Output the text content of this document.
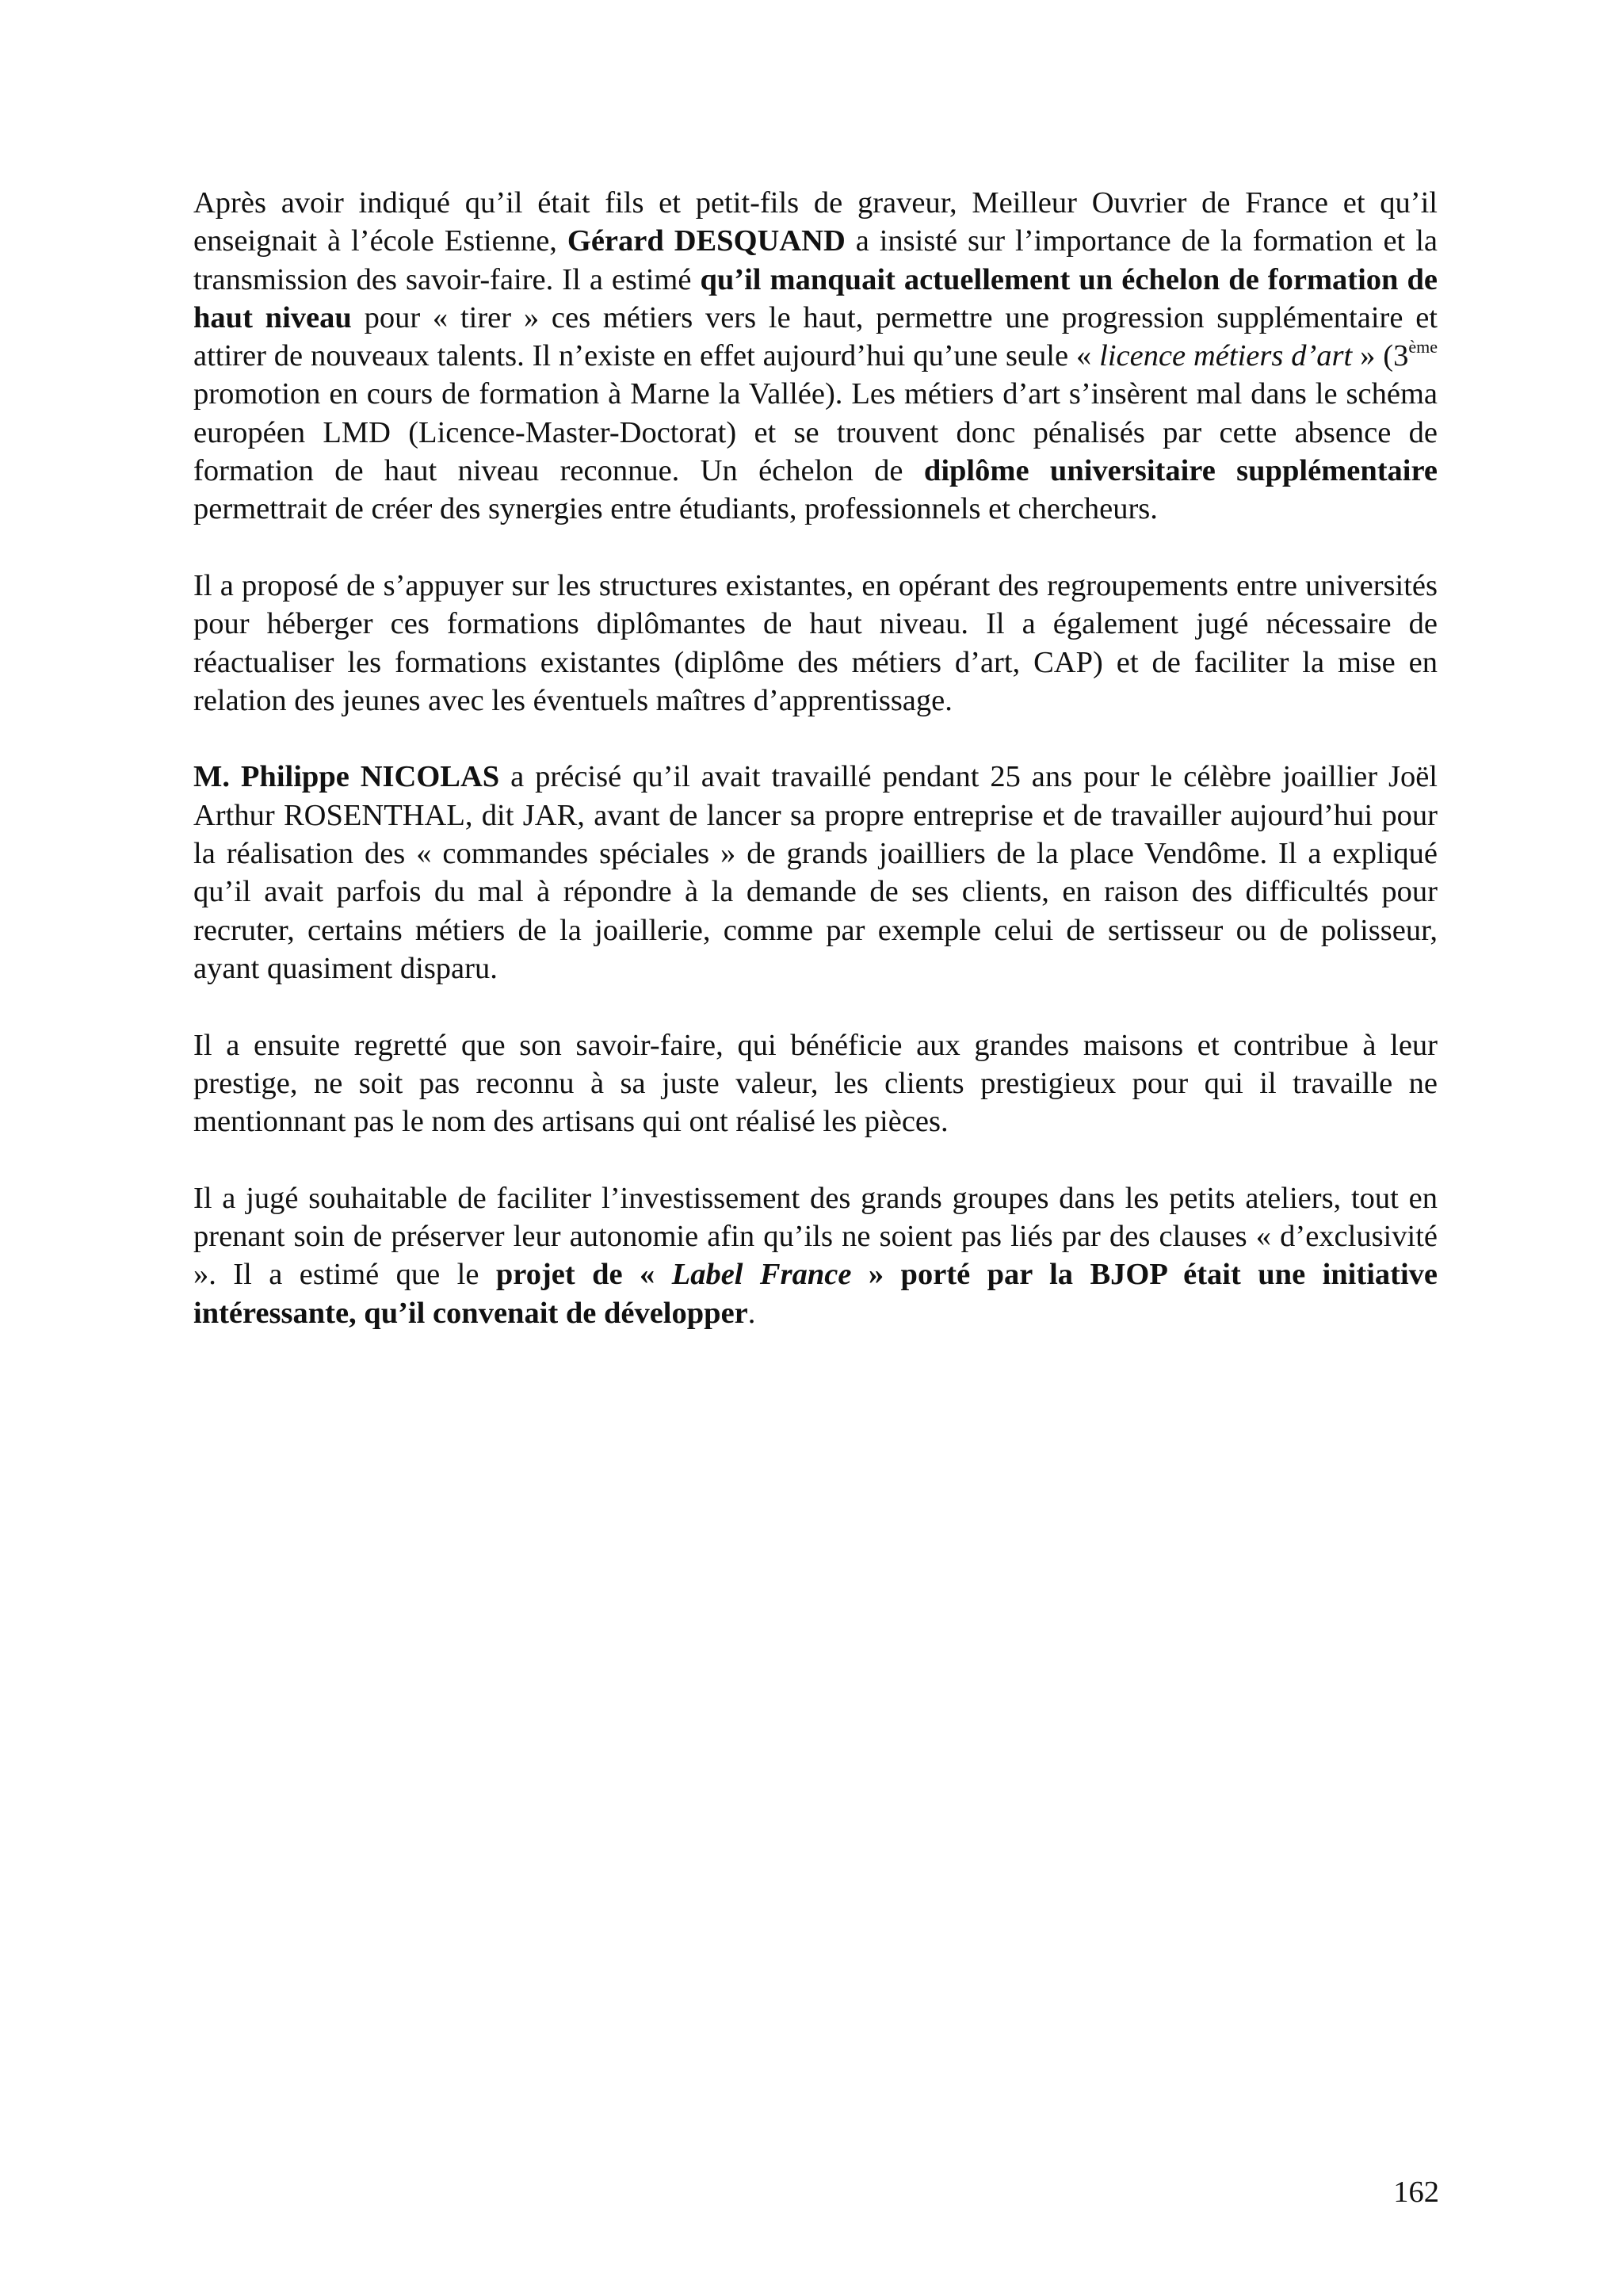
Après avoir indiqué qu’il était fils et petit-fils de graveur, Meilleur Ouvrier de France et qu’il enseignait à l’école Estienne, Gérard DESQUAND a insisté sur l’importance de la formation et la transmission des savoir-faire. Il a estimé qu’il manquait actuellement un échelon de formation de haut niveau pour « tirer » ces métiers vers le haut, permettre une progression supplémentaire et attirer de nouveaux talents. Il n’existe en effet aujourd’hui qu’une seule « licence métiers d’art » (3ème promotion en cours de formation à Marne la Vallée). Les métiers d’art s’insèrent mal dans le schéma européen LMD (Licence-Master-Doctorat) et se trouvent donc pénalisés par cette absence de formation de haut niveau reconnue. Un échelon de diplôme universitaire supplémentaire permettrait de créer des synergies entre étudiants, professionnels et chercheurs.

Il a proposé de s’appuyer sur les structures existantes, en opérant des regroupements entre universités pour héberger ces formations diplômantes de haut niveau. Il a également jugé nécessaire de réactualiser les formations existantes (diplôme des métiers d’art, CAP) et de faciliter la mise en relation des jeunes avec les éventuels maîtres d’apprentissage.

M. Philippe NICOLAS a précisé qu’il avait travaillé pendant 25 ans pour le célèbre joaillier Joël Arthur ROSENTHAL, dit JAR, avant de lancer sa propre entreprise et de travailler aujourd’hui pour la réalisation des « commandes spéciales » de grands joailliers de la place Vendôme. Il a expliqué qu’il avait parfois du mal à répondre à la demande de ses clients, en raison des difficultés pour recruter, certains métiers de la joaillerie, comme par exemple celui de sertisseur ou de polisseur, ayant quasiment disparu.

Il a ensuite regretté que son savoir-faire, qui bénéficie aux grandes maisons et contribue à leur prestige, ne soit pas reconnu à sa juste valeur, les clients prestigieux pour qui il travaille ne mentionnant pas le nom des artisans qui ont réalisé les pièces.

Il a jugé souhaitable de faciliter l’investissement des grands groupes dans les petits ateliers, tout en prenant soin de préserver leur autonomie afin qu’ils ne soient pas liés par des clauses « d’exclusivité ». Il a estimé que le projet de « Label France » porté par la BJOP était une initiative intéressante, qu’il convenait de développer.

162
